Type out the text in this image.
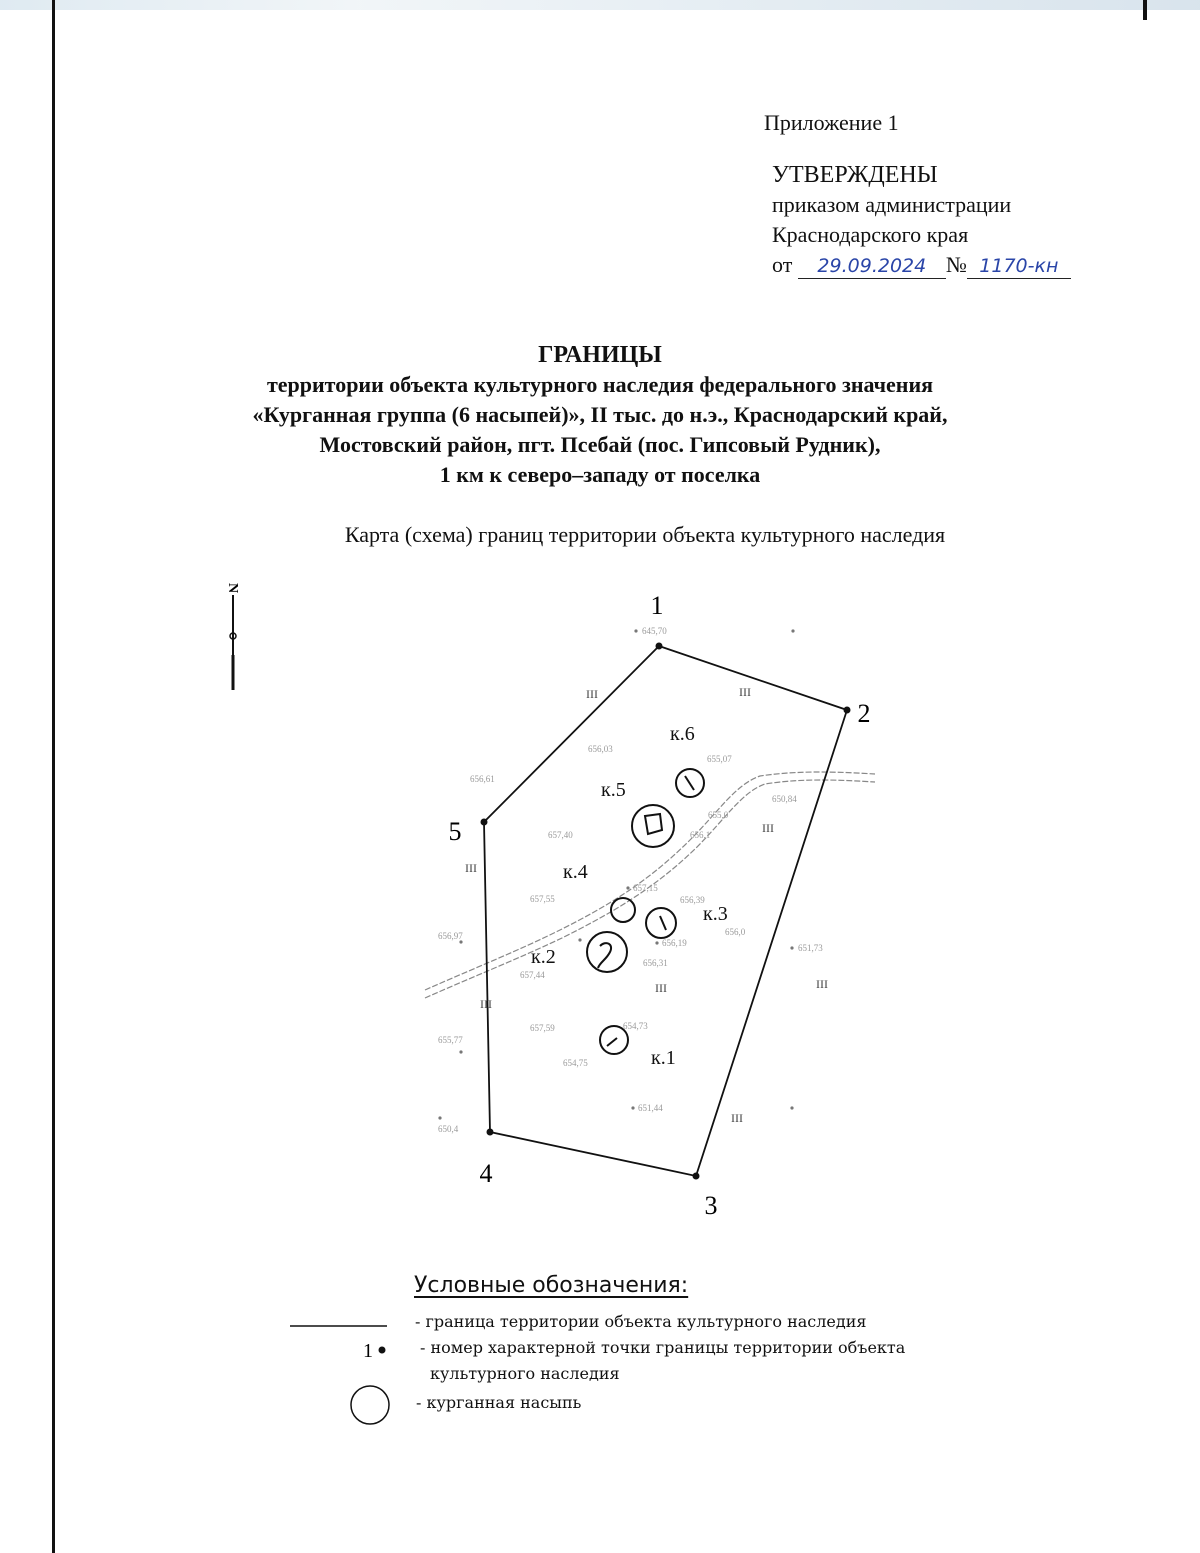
Приложение 1
УТВЕРЖДЕНЫ
приказом администрации
Краснодарского края
от 29.09.2024 № 1170-кн
ГРАНИЦЫ
территории объекта культурного наследия федерального значения
«Курганная группа (6 насыпей)», II тыс. до н.э., Краснодарский край,
Мостовский район, пгт. Псебай (пос. Гипсовый Рудник),
1 км к северо–западу от поселка
Карта (схема) границ территории объекта культурного наследия
N
1
2
3
4
5
к.1
к.2
к.3
к.4
к.5
к.6
III	III
III
III
III
III	III
III
645,70
656,61
656,03
655,07
650,84
655,0
656,1
657,40
657,15
656,39
657,55
656,19
656,31
657,44
656,0
651,73
655,77
654,75
654,73
651,44
650,4
656,97
657,59
1
Условные обозначения:
- граница территории объекта культурного наследия
- номер характерной точки границы территории объекта
культурного наследия
- курганная насыпь
